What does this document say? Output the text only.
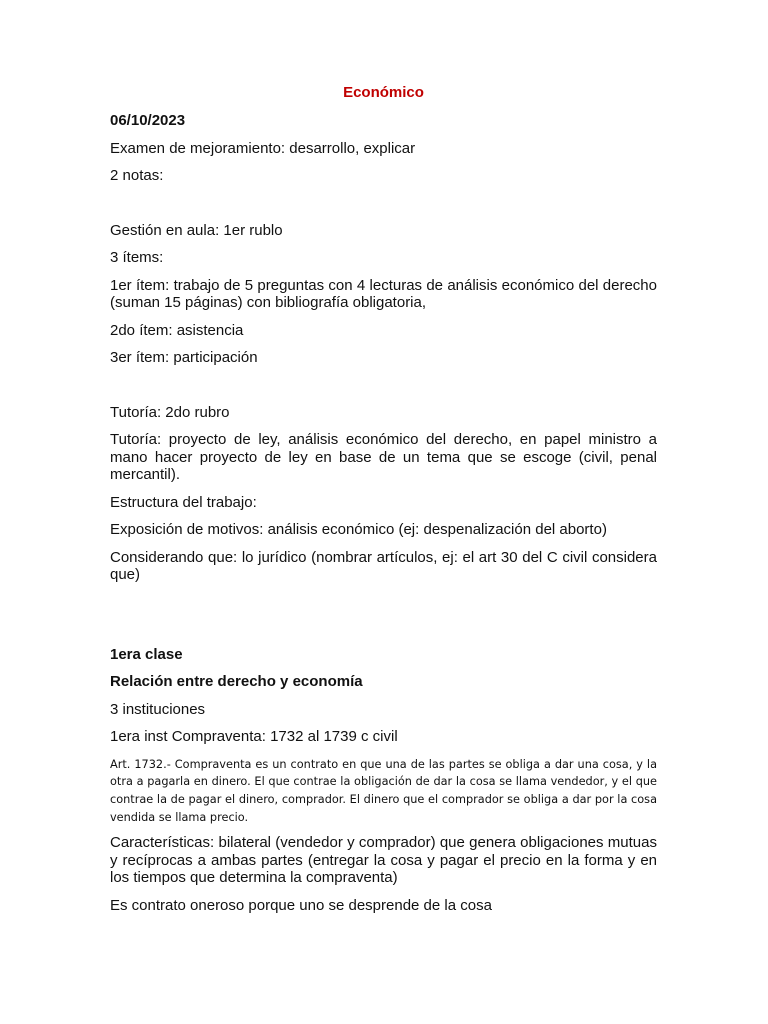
Económico

06/10/2023

Examen de mejoramiento: desarrollo, explicar

2 notas:

Gestión en aula: 1er rublo

3 ítems:

1er ítem: trabajo de 5 preguntas con 4 lecturas de análisis económico del derecho (suman 15 páginas) con bibliografía obligatoria,

2do ítem: asistencia

3er ítem: participación

Tutoría: 2do rubro

Tutoría: proyecto de ley, análisis económico del derecho, en papel ministro a mano hacer proyecto de ley en base de un tema que se escoge (civil, penal mercantil).

Estructura del trabajo:

Exposición de motivos: análisis económico (ej: despenalización del aborto)

Considerando que: lo jurídico (nombrar artículos, ej: el art 30 del C civil considera que)

1era clase

Relación entre derecho y economía

3 instituciones

1era inst Compraventa: 1732 al 1739 c civil

Art. 1732.- Compraventa es un contrato en que una de las partes se obliga a dar una cosa, y la otra a pagarla en dinero. El que contrae la obligación de dar la cosa se llama vendedor, y el que contrae la de pagar el dinero, comprador. El dinero que el comprador se obliga a dar por la cosa vendida se llama precio.

Características: bilateral (vendedor y comprador) que genera obligaciones mutuas y recíprocas a ambas partes (entregar la cosa y pagar el precio en la forma y en los tiempos que determina la compraventa)

Es contrato oneroso porque uno se desprende de la cosa
